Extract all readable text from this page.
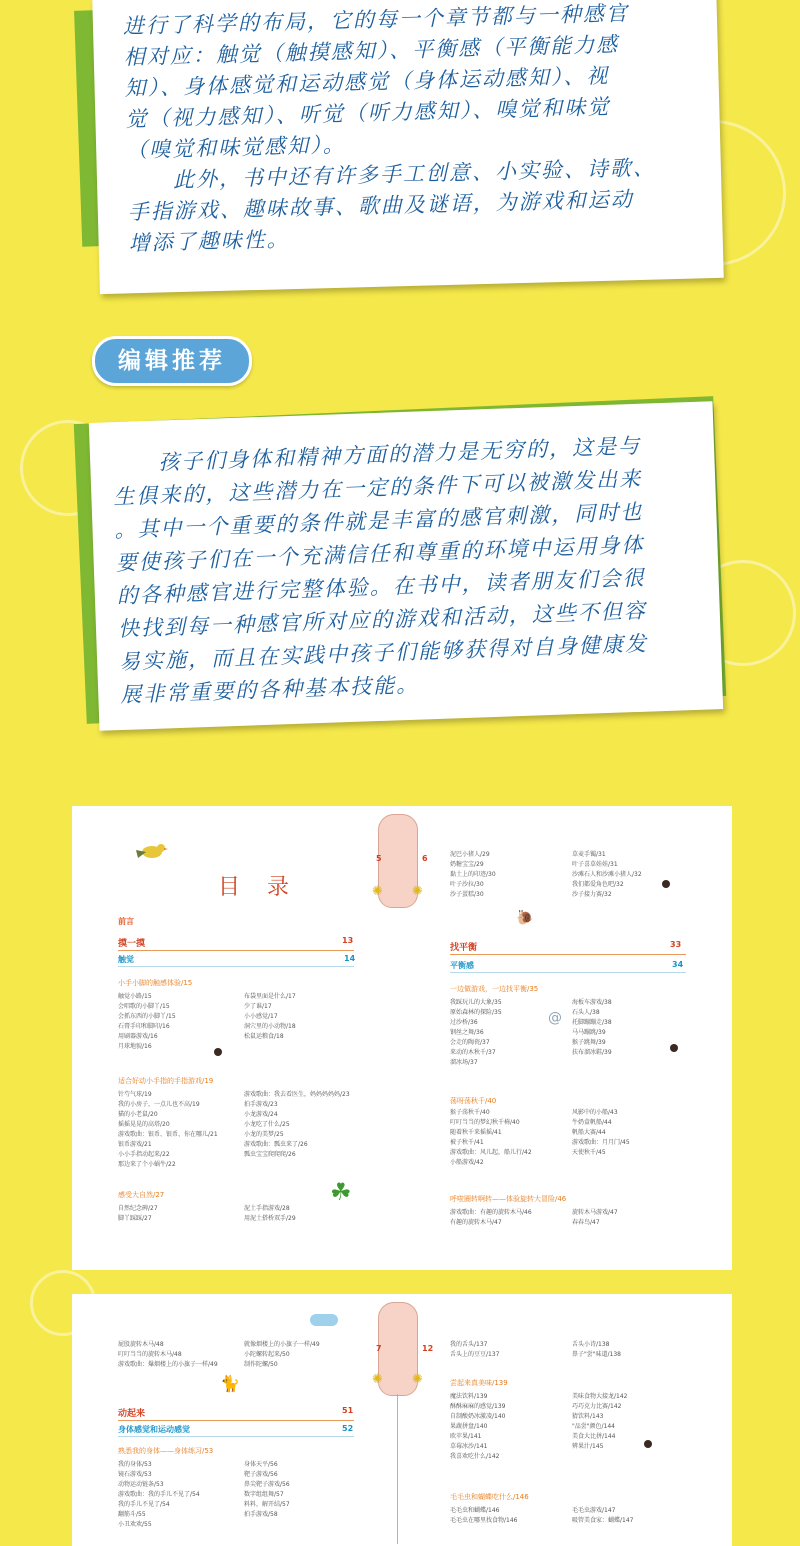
进行了科学的布局，它的每一个章节都与一种感官
相对应：触觉（触摸感知）、平衡感（平衡能力感
知）、身体感觉和运动感觉（身体运动感知）、视
觉（视力感知）、听觉（听力感知）、嗅觉和味觉
（嗅觉和味觉感知）。
　　此外，书中还有许多手工创意、小实验、诗歌、
手指游戏、趣味故事、歌曲及谜语，为游戏和运动
增添了趣味性。
编辑推荐
　　孩子们身体和精神方面的潜力是无穷的，这是与
生俱来的，这些潜力在一定的条件下可以被激发出来
。其中一个重要的条件就是丰富的感官刺激，同时也
要使孩子们在一个充满信任和尊重的环境中运用身体
的各种感官进行完整体验。在书中，读者朋友们会很
快找到每一种感官所对应的游戏和活动，这些不但容
易实施，而且在实践中孩子们能够获得对自身健康发
展非常重要的各种基本技能。
目 录
5	6
✺ ✺
前言
摸一摸	13
触觉	14
小手小脚的触感体验/15
触觉小路/15
会唱歌的小脚丫/15
会抓东西的小脚丫/15
石膏手印和脚印/16
用刷器游戏/16
月球地貌/16
布袋里面是什么/17
少了谁/17
小小感觉/17
洞穴里的小动物/18
松鼠运粮食/18
适合好动小手指的手指游戏/19
针芍气球/19
我的小房子，一点儿也不高/19
猫的小老鼠/20
摇摇晃晃的高塔/20
游戏歌曲：银币、银币、你在哪儿/21
银币游戏/21
小小手指动起来/22
那边来了个小蜗牛/22
游戏歌曲：我去看医生，妈妈妈妈妈/23
拍手游戏/23
小龙游戏/24
小龙吃了什么/25
小龙的美梦/25
游戏歌曲：瓢虫来了/26
瓢虫宝宝爬爬爬/26
感受大自然/27
自然纪念碑/27
脚丫踩踩/27
泥土手指游戏/28
用泥土搭桥双手/29
☘
泥巴小猪人/29
奶糖宝宝/29
黏土上的印迹/30
叶子沙拉/30
沙子蛋糕/30
草麦手镯/31
叶子喜草娃娃/31
沙滩石人和沙滩小猪人/32
我们都爱角色吧/32
沙子接力赛/32
🐌
找平衡	33
平衡感	34
一边做游戏，一边找平衡/35
我踩玩儿的大象/35
原始森林的探险/35
过沙桥/36
钢丝之舞/36
会走的陶瓷/37
来动的木秋千/37
溜冰场/37
海板车游戏/38
石头人/38
托脚蹦蹦走/38
马马蹦跳/39
猴子跳舞/39
扶布溜冰鞋/39
@
荡呀荡秋千/40
猴子荡秋千/40
叮叮当当的梦幻秋千椅/40
随着秋千来摇摇/41
被子秋千/41
游戏歌曲：风儿起，船儿行/42
小船游戏/42
风影中的小船/43
牛奶盒帆船/44
帆船大赛/44
游戏歌曲：月月门/45
天使秋千/45
呼啦圈转啊转——体验旋转大冒险/46
游戏歌曲：有趣的旋转木马/46
有趣的旋转木马/47
旋转木马游戏/47
春春鸟/47
7	12
✺ ✺
🐈
屁股旋转木马/48
叮叮当当的旋转木马/48
游戏歌曲：爆烟楼上的小旗子一样/49
就像烟楼上的小旗子一样/49
小陀螺转起来/50
制作陀螺/50
动起来	51
身体感觉和运动感觉	52
熟悉我的身体——身体练习/53
我的身体/53
镜石游戏/53
动物运动链条/53
游戏歌曲：我的手儿不见了/54
我的手儿不见了/54
翻筋斗/55
小丑欢欢/55
身体天平/56
靶子游戏/56
鼻尖靶子游戏/56
数字组组舞/57
料料，解开结/57
拍手游戏/58
我的舌头/137
舌头上的豆豆/137
舌头小诗/138
鼻子"尝"味道/138
尝起来真美味/139
魔法饮料/139
酥酥麻麻的感觉/139
自制酸奶冰激凌/140
果蔬拼盘/140
欧苹果/141
草莓冰沙/141
我喜欢吃什么/142
美味食物大接龙/142
巧巧克力比赛/142
猜饮料/143
"品尝"颜色/144
美食大比拼/144
辨果汁/145
毛毛虫和蝴蝶吃什么/146
毛毛虫和蝴蝶/146
毛毛虫在哪里找食物/146
毛毛虫游戏/147
吸管美食家：蝴蝶/147
